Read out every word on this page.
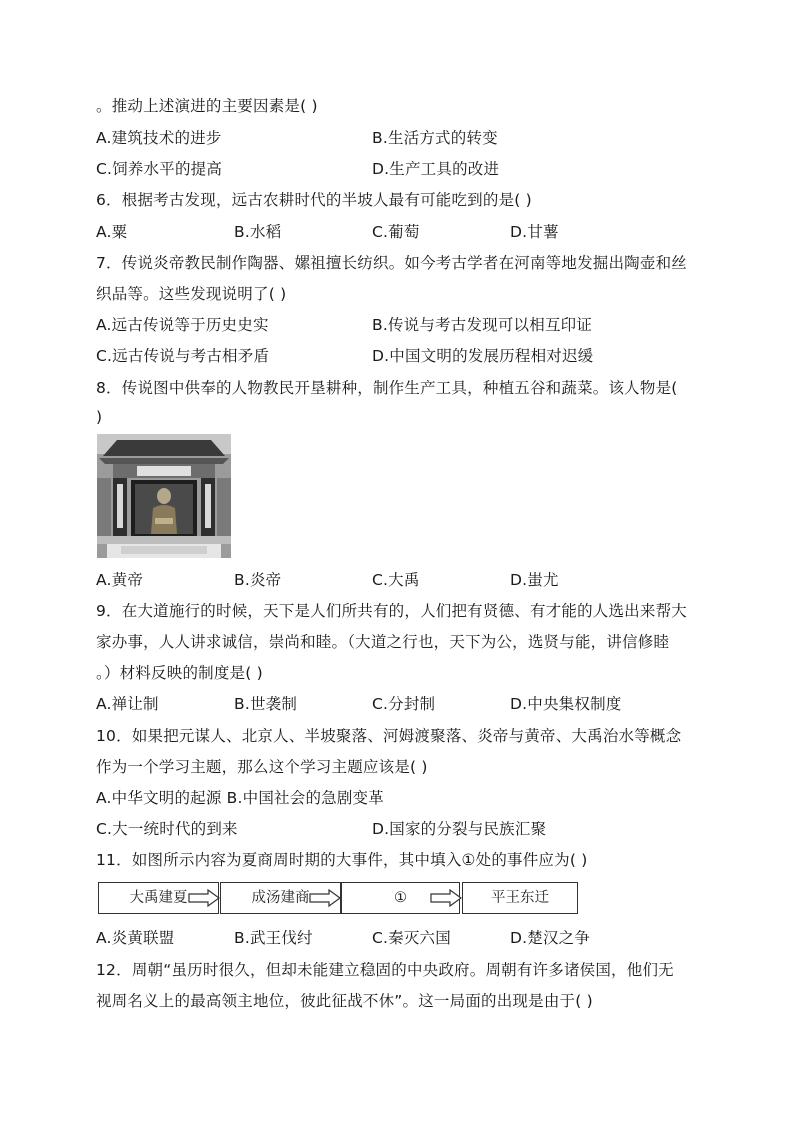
。推动上述演进的主要因素是( )
A.建筑技术的进步	B.生活方式的转变
C.饲养水平的提高	D.生产工具的改进
6．根据考古发现，远古农耕时代的半坡人最有可能吃到的是( )
A.粟	B.水稻	C.葡萄	D.甘薯
7．传说炎帝教民制作陶器、嫘祖擅长纺织。如今考古学者在河南等地发掘出陶壶和丝
织品等。这些发现说明了( )
A.远古传说等于历史史实	B.传说与考古发现可以相互印证
C.远古传说与考古相矛盾	D.中国文明的发展历程相对迟缓
8．传说图中供奉的人物教民开垦耕种，制作生产工具，种植五谷和蔬菜。该人物是(
)
A.黄帝	B.炎帝	C.大禹	D.蚩尤
9．在大道施行的时候，天下是人们所共有的，人们把有贤德、有才能的人选出来帮大
家办事，人人讲求诚信，崇尚和睦。（大道之行也，天下为公，选贤与能，讲信修睦
。）材料反映的制度是( )
A.禅让制	B.世袭制	C.分封制	D.中央集权制度
10．如果把元谋人、北京人、半坡聚落、河姆渡聚落、炎帝与黄帝、大禹治水等概念
作为一个学习主题，那么这个学习主题应该是( )
A.中华文明的起源 B.中国社会的急剧变革
C.大一统时代的到来	D.国家的分裂与民族汇聚
11．如图所示内容为夏商周时期的大事件，其中填入①处的事件应为( )
大禹建夏	成汤建商	①	平王东迁
A.炎黄联盟	B.武王伐纣	C.秦灭六国	D.楚汉之争
12．周朝“虽历时很久，但却未能建立稳固的中央政府。周朝有许多诸侯国，他们无
视周名义上的最高领主地位，彼此征战不休”。这一局面的出现是由于( )
